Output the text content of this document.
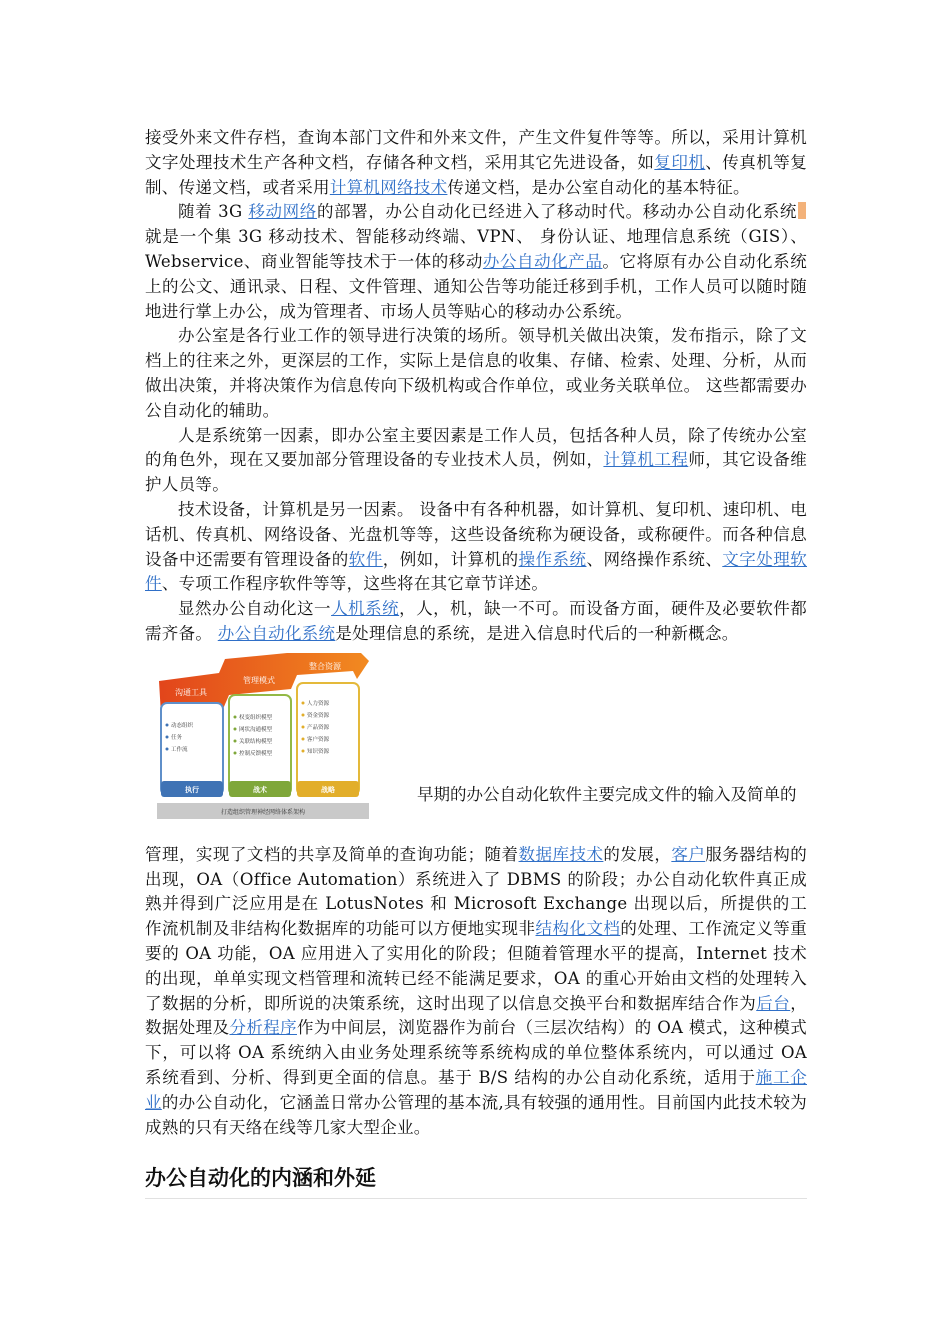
接受外来文件存档，查询本部门文件和外来文件，产生文件复件等等。所以，采用计算机文字处理技术生产各种文档，存储各种文档，采用其它先进设备，如复印机、传真机等复制、传递文档，或者采用计算机网络技术传递文档，是办公室自动化的基本特征。

随着 3G 移动网络的部署，办公自动化已经进入了移动时代。移动办公自动化系统就是一个集 3G 移动技术、智能移动终端、VPN、 身份认证、地理信息系统（GIS）、Webservice、商业智能等技术于一体的移动办公自动化产品。它将原有办公自动化系统上的公文、通讯录、日程、文件管理、通知公告等功能迁移到手机，工作人员可以随时随地进行掌上办公，成为管理者、市场人员等贴心的移动办公系统。

办公室是各行业工作的领导进行决策的场所。领导机关做出决策，发布指示，除了文档上的往来之外，更深层的工作，实际上是信息的收集、存储、检索、处理、分析，从而做出决策，并将决策作为信息传向下级机构或合作单位，或业务关联单位。 这些都需要办公自动化的辅助。

人是系统第一因素，即办公室主要因素是工作人员，包括各种人员，除了传统办公室的角色外，现在又要加部分管理设备的专业技术人员，例如，计算机工程师，其它设备维护人员等。

技术设备，计算机是另一因素。 设备中有各种机器，如计算机、复印机、速印机、电话机、传真机、网络设备、光盘机等等，这些设备统称为硬设备，或称硬件。而各种信息设备中还需要有管理设备的软件，例如，计算机的操作系统、网络操作系统、文字处理软件、专项工作程序软件等等，这些将在其它章节详述。

显然办公自动化这一人机系统，人，机，缺一不可。而设备方面，硬件及必要软件都需齐备。 办公自动化系统是处理信息的系统，是进入信息时代后的一种新概念。

沟通工具
管理模式
整合资源
动态组织
任务
工作流
权变组织模型
网状沟通模型
关联结构模型
控制反馈模型
人力资源
资金资源
产品资源
客户资源
知识资源
执行	战术	战略
打造组织管理神经网络体系架构
早期的办公自动化软件主要完成文件的输入及简单的

管理，实现了文档的共享及简单的查询功能；随着数据库技术的发展，客户服务器结构的出现，OA（Office Automation）系统进入了 DBMS 的阶段；办公自动化软件真正成熟并得到广泛应用是在 LotusNotes 和 Microsoft Exchange 出现以后，所提供的工作流机制及非结构化数据库的功能可以方便地实现非结构化文档的处理、工作流定义等重要的 OA 功能，OA 应用进入了实用化的阶段；但随着管理水平的提高，Internet 技术的出现，单单实现文档管理和流转已经不能满足要求，OA 的重心开始由文档的处理转入了数据的分析，即所说的决策系统，这时出现了以信息交换平台和数据库结合作为后台，数据处理及分析程序作为中间层，浏览器作为前台（三层次结构）的 OA 模式，这种模式下，可以将 OA 系统纳入由业务处理系统等系统构成的单位整体系统内，可以通过 OA 系统看到、分析、得到更全面的信息。基于 B/S 结构的办公自动化系统，适用于施工企业的办公自动化，它涵盖日常办公管理的基本流,具有较强的通用性。目前国内此技术较为成熟的只有天络在线等几家大型企业。

办公自动化的内涵和外延
